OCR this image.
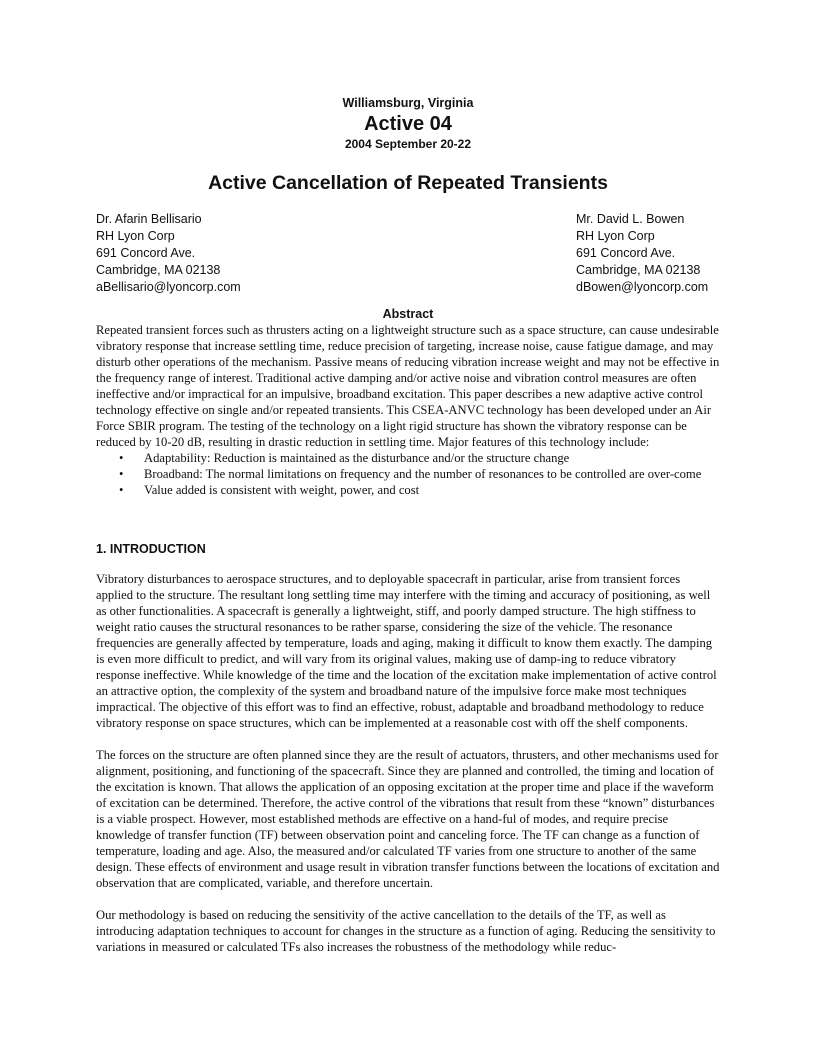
Williamsburg, Virginia
Active 04
2004 September 20-22
Active Cancellation of Repeated Transients
Dr. Afarin Bellisario
RH Lyon Corp
691 Concord Ave.
Cambridge, MA 02138
aBellisario@lyoncorp.com
Mr. David L. Bowen
RH Lyon Corp
691 Concord Ave.
Cambridge, MA 02138
dBowen@lyoncorp.com
Abstract

Repeated transient forces such as thrusters acting on a lightweight structure such as a space structure, can cause undesirable vibratory response that increase settling time, reduce precision of targeting, increase noise, cause fatigue damage, and may disturb other operations of the mechanism. Passive means of reducing vibration increase weight and may not be effective in the frequency range of interest. Traditional active damping and/or active noise and vibration control measures are often ineffective and/or impractical for an impulsive, broadband excitation. This paper describes a new adaptive active control technology effective on single and/or repeated transients. This CSEA-ANVC technology has been developed under an Air Force SBIR program. The testing of the technology on a light rigid structure has shown the vibratory response can be reduced by 10-20 dB, resulting in drastic reduction in settling time. Major features of this technology include:

• Adaptability: Reduction is maintained as the disturbance and/or the structure change
• Broadband: The normal limitations on frequency and the number of resonances to be controlled are over-come
• Value added is consistent with weight, power, and cost
1. INTRODUCTION

Vibratory disturbances to aerospace structures, and to deployable spacecraft in particular, arise from transient forces applied to the structure. The resultant long settling time may interfere with the timing and accuracy of positioning, as well as other functionalities. A spacecraft is generally a lightweight, stiff, and poorly damped structure. The high stiffness to weight ratio causes the structural resonances to be rather sparse, considering the size of the vehicle. The resonance frequencies are generally affected by temperature, loads and aging, making it difficult to know them exactly. The damping is even more difficult to predict, and will vary from its original values, making use of damp-ing to reduce vibratory response ineffective. While knowledge of the time and the location of the excitation make implementation of active control an attractive option, the complexity of the system and broadband nature of the impulsive force make most techniques impractical. The objective of this effort was to find an effective, robust, adaptable and broadband methodology to reduce vibratory response on space structures, which can be implemented at a reasonable cost with off the shelf components.

The forces on the structure are often planned since they are the result of actuators, thrusters, and other mechanisms used for alignment, positioning, and functioning of the spacecraft. Since they are planned and controlled, the timing and location of the excitation is known. That allows the application of an opposing excitation at the proper time and place if the waveform of excitation can be determined. Therefore, the active control of the vibrations that result from these “known” disturbances is a viable prospect. However, most established methods are effective on a hand-ful of modes, and require precise knowledge of transfer function (TF) between observation point and canceling force. The TF can change as a function of temperature, loading and age. Also, the measured and/or calculated TF varies from one structure to another of the same design. These effects of environment and usage result in vibration transfer functions between the locations of excitation and observation that are complicated, variable, and therefore uncertain.

Our methodology is based on reducing the sensitivity of the active cancellation to the details of the TF, as well as introducing adaptation techniques to account for changes in the structure as a function of aging. Reducing the sensitivity to variations in measured or calculated TFs also increases the robustness of the methodology while reduc-
